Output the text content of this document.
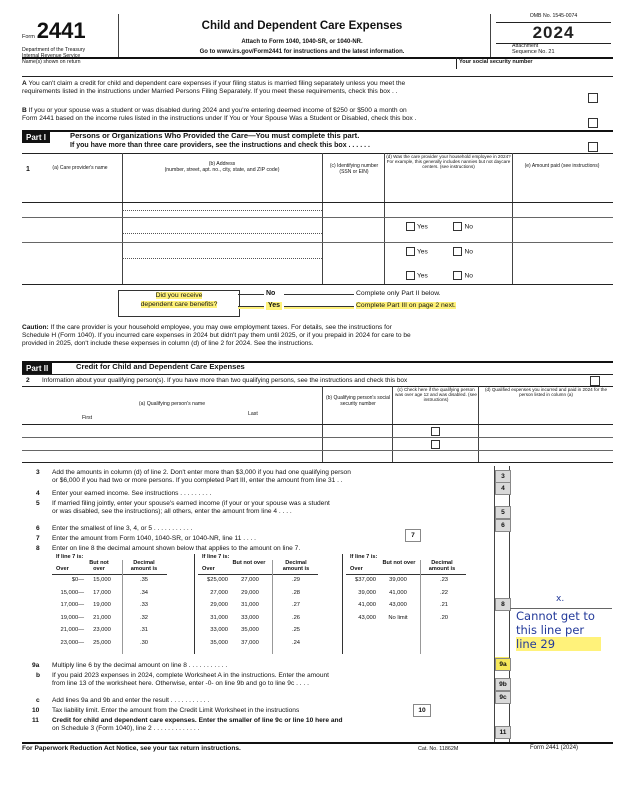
Form 2441
Department of the Treasury
Internal Revenue Service
Name(s) shown on return
Child and Dependent Care Expenses
Attach to Form 1040, 1040-SR, or 1040-NR.
Go to www.irs.gov/Form2441 for instructions and the latest information.
OMB No. 1545-0074
2024
Attachment
Sequence No. 21
Your social security number
A You can't claim a credit for child and dependent care expenses if your filing status is married filing separately unless you meet the
requirements listed in the instructions under Married Persons Filing Separately. If you meet these requirements, check this box . .
B If you or your spouse was a student or was disabled during 2024 and you're entering deemed income of $250 or $500 a month on
Form 2441 based on the income rules listed in the instructions under If You or Your Spouse Was a Student or Disabled, check this box .
Part I	Persons or Organizations Who Provided the Care—You must complete this part.
If you have more than three care providers, see the instructions and check this box . . . . . .
1	(a) Care provider's name
(b) Address
(number, street, apt. no., city, state, and ZIP code)
(c) Identifying number (SSN or EIN)
(d) Was the care provider your household employee in 2024? For example, this generally includes nannies but not daycare centers. (see instructions)	(e) Amount paid (see instructions)
Yes	No
Yes	No
Yes	No
Did you receive
dependent care benefits?
No	Complete only Part II below.
Yes	Complete Part III on page 2 next.
Caution: If the care provider is your household employee, you may owe employment taxes. For details, see the instructions for
Schedule H (Form 1040). If you incurred care expenses in 2024 but didn't pay them until 2025, or if you prepaid in 2024 for care to be
provided in 2025, don't include these expenses in column (d) of line 2 for 2024. See the instructions.
Part II	Credit for Child and Dependent Care Expenses
2 Information about your qualifying person(s). If you have more than two qualifying persons, see the instructions and check this box
(a) Qualifying person's name
First
Last
(b) Qualifying person's social security number
(c) Check here if the qualifying person was over age 12 and was disabled. (see instructions)
(d) Qualified expenses you incurred and paid in 2024 for the person listed in column (a)
3 Add the amounts in column (d) of line 2. Don't enter more than $3,000 if you had one qualifying person
or $6,000 if you had two or more persons. If you completed Part III, enter the amount from line 31 . .
3
4 Enter your earned income. See instructions . . . . . . . . .
4
5 If married filing jointly, enter your spouse's earned income (if your or your spouse was a student
or was disabled, see the instructions); all others, enter the amount from line 4 . . . .	5
6 Enter the smallest of line 3, 4, or 5 . . . . . . . . . . .	6
7 Enter the amount from Form 1040, 1040-SR, or 1040-NR, line 11 . . . .	7
8 Enter on line 8 the decimal amount shown below that applies to the amount on line 7.
If line 7 is:	If line 7 is:	If line 7 is:
Over
But not over
Decimal amount is	Over
But not over	Decimal amount is	Over
But not over	Decimal amount is
$0—	15,000	.35
15,000—	17,000	.34
17,000—	19,000	.33
19,000—	21,000	.32
21,000—	23,000	.31
23,000—	25,000	.30
$25,000	27,000	.29
27,000	29,000	.28
29,000	31,000	.27
31,000	33,000	.26
33,000	35,000	.25
35,000	37,000	.24
$37,000	39,000	.23
39,000	41,000	.22
41,000	43,000	.21
43,000	No limit	.20
8
x.
Cannot get to
this line per
line 29
9a Multiply line 6 by the decimal amount on line 8 . . . . . . . . . . .	9a
b If you paid 2023 expenses in 2024, complete Worksheet A in the instructions. Enter the amount
from line 13 of the worksheet here. Otherwise, enter -0- on line 9b and go to line 9c . . . .	9b
c Add lines 9a and 9b and enter the result . . . . . . . . . . .	9c
10 Tax liability limit. Enter the amount from the Credit Limit Worksheet in the instructions	10
11 Credit for child and dependent care expenses. Enter the smaller of line 9c or line 10 here and
on Schedule 3 (Form 1040), line 2 . . . . . . . . . . . . .
11
For Paperwork Reduction Act Notice, see your tax return instructions.	Cat. No. 11862M	Form 2441 (2024)
